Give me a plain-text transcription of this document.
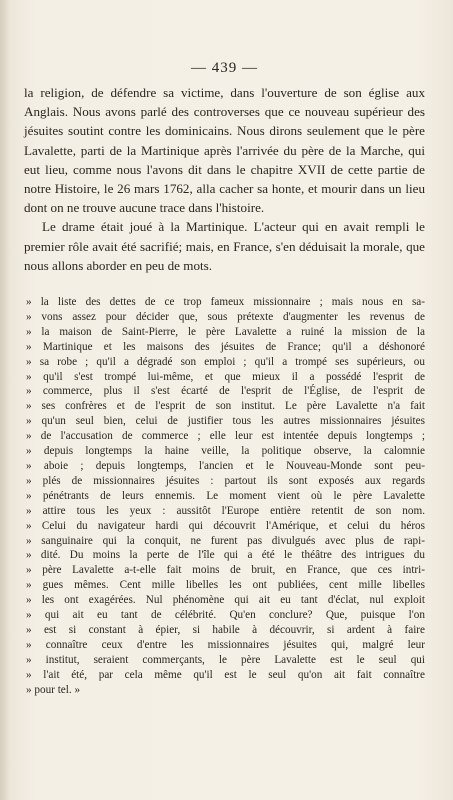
— 439 —

la religion, de défendre sa victime, dans l'ouverture de son église aux Anglais. Nous avons parlé des controverses que ce nouveau supérieur des jésuites soutint contre les dominicains. Nous dirons seulement que le père Lavalette, parti de la Martinique après l'arrivée du père de la Marche, qui eut lieu, comme nous l'avons dit dans le chapitre XVII de cette partie de notre Histoire, le 26 mars 1762, alla cacher sa honte, et mourir dans un lieu dont on ne trouve aucune trace dans l'histoire.

Le drame était joué à la Martinique. L'acteur qui en avait rempli le premier rôle avait été sacrifié; mais, en France, s'en déduisait la morale, que nous allons aborder en peu de mots.

» la liste des dettes de ce trop fameux missionnaire ; mais nous en sa-
» vons assez pour décider que, sous prétexte d'augmenter les revenus de
» la maison de Saint-Pierre, le père Lavalette a ruiné la mission de la
» Martinique et les maisons des jésuites de France; qu'il a déshonoré
» sa robe ; qu'il a dégradé son emploi ; qu'il a trompé ses supérieurs, ou
» qu'il s'est trompé lui-même, et que mieux il a possédé l'esprit de
» commerce, plus il s'est écarté de l'esprit de l'Église, de l'esprit de
» ses confrères et de l'esprit de son institut. Le père Lavalette n'a fait
» qu'un seul bien, celui de justifier tous les autres missionnaires jésuites
» de l'accusation de commerce ; elle leur est intentée depuis longtemps ;
» depuis longtemps la haine veille, la politique observe, la calomnie
» aboie ; depuis longtemps, l'ancien et le Nouveau-Monde sont peu-
» plés de missionnaires jésuites : partout ils sont exposés aux regards
» pénétrants de leurs ennemis. Le moment vient où le père Lavalette
» attire tous les yeux : aussitôt l'Europe entière retentit de son nom.
» Celui du navigateur hardi qui découvrit l'Amérique, et celui du héros
» sanguinaire qui la conquit, ne furent pas divulgués avec plus de rapi-
» dité. Du moins la perte de l'île qui a été le théâtre des intrigues du
» père Lavalette a-t-elle fait moins de bruit, en France, que ces intri-
» gues mêmes. Cent mille libelles les ont publiées, cent mille libelles
» les ont exagérées. Nul phénomène qui ait eu tant d'éclat, nul exploit
» qui ait eu tant de célébrité. Qu'en conclure? Que, puisque l'on
» est si constant à épier, si habile à découvrir, si ardent à faire
» connaître ceux d'entre les missionnaires jésuites qui, malgré leur
» institut, seraient commerçants, le père Lavalette est le seul qui
» l'ait été, par cela même qu'il est le seul qu'on ait fait connaître
» pour tel. »
